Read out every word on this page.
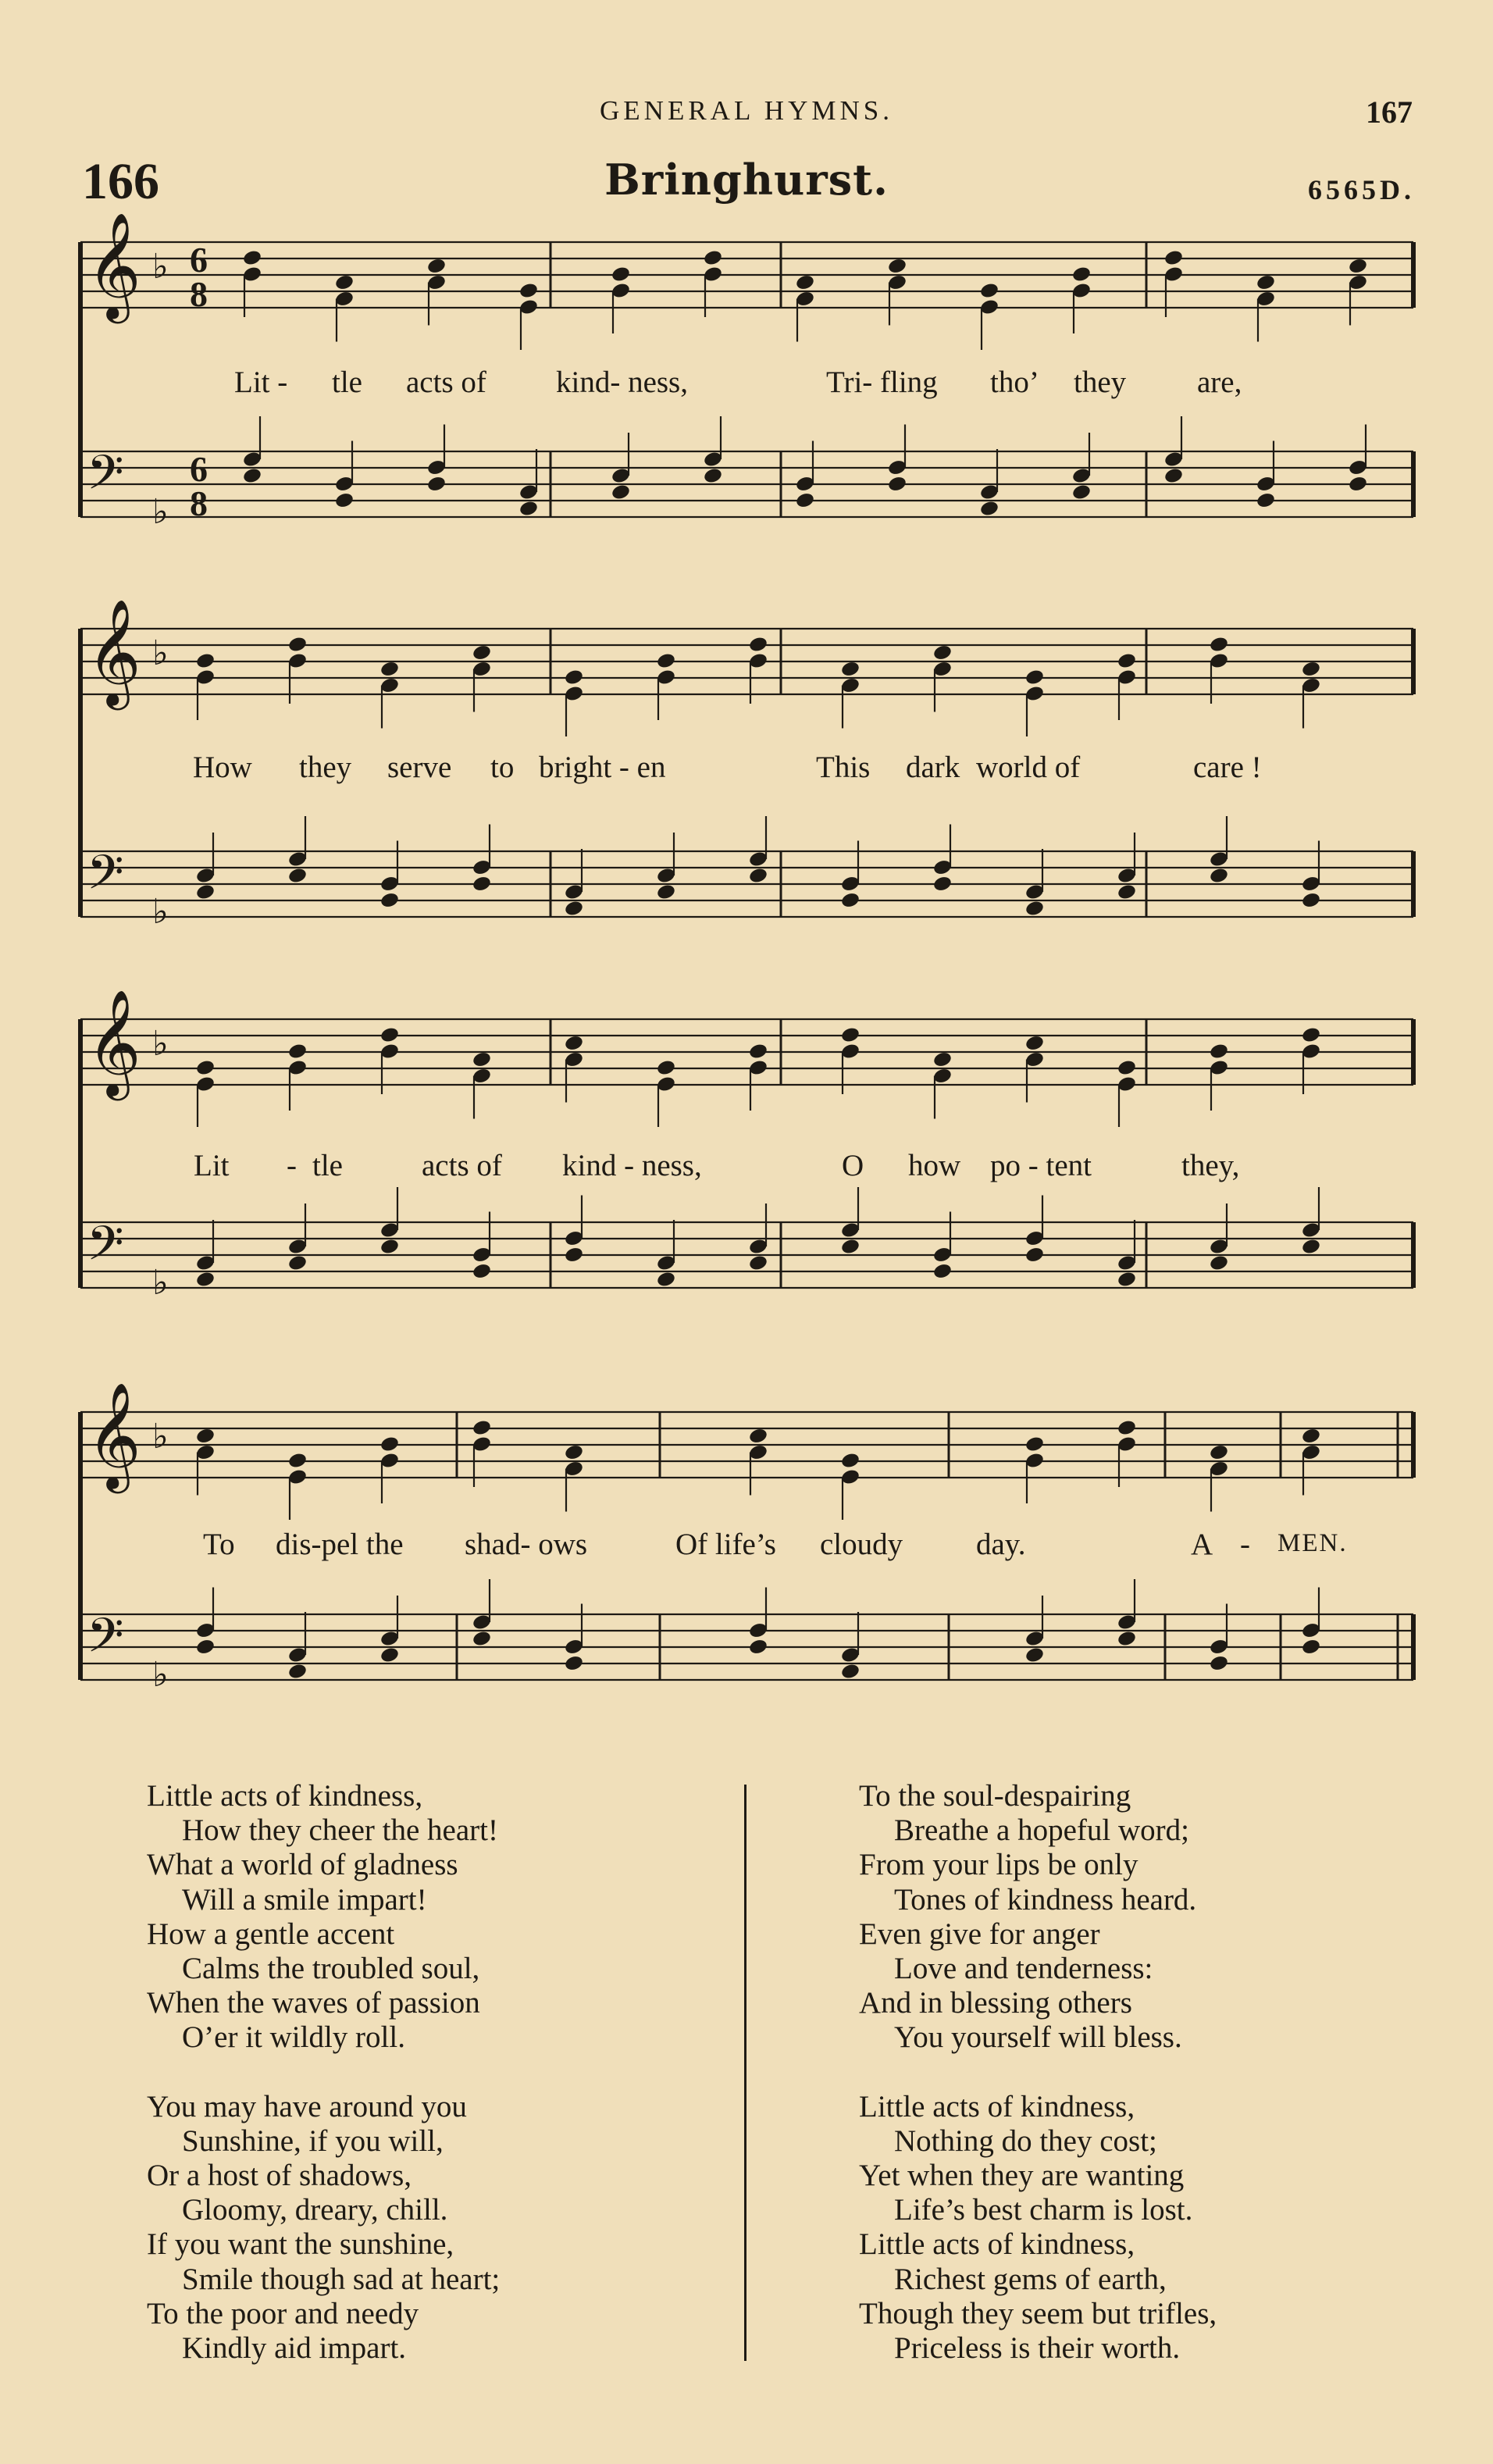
GENERAL HYMNS.	167
166	Bringhurst.	6565D.
𝄞 ♭ 6
8
𝄢 ♭
6
8
𝄞 ♭
𝄢 ♭
𝄞 ♭
𝄢 ♭
𝄞 ♭
𝄢 ♭
Lit - tle acts of kind- ness,	Tri- fling tho’ they are,
How they serve to bright - en	This dark world of	care !
Lit - tle	acts of kind - ness,	O how po - tent	they,
To dis-pel the shad- ows	Of life’s cloudy day.	A - MEN.
Little acts of kindness,
How they cheer the heart!
What a world of gladness
Will a smile impart!
How a gentle accent
Calms the troubled soul,
When the waves of passion
O’er it wildly roll.
You may have around you
Sunshine, if you will,
Or a host of shadows,
Gloomy, dreary, chill.
If you want the sunshine,
Smile though sad at heart;
To the poor and needy
Kindly aid impart.
To the soul-despairing
Breathe a hopeful word;
From your lips be only
Tones of kindness heard.
Even give for anger
Love and tenderness:
And in blessing others
You yourself will bless.
Little acts of kindness,
Nothing do they cost;
Yet when they are wanting
Life’s best charm is lost.
Little acts of kindness,
Richest gems of earth,
Though they seem but trifles,
Priceless is their worth.
